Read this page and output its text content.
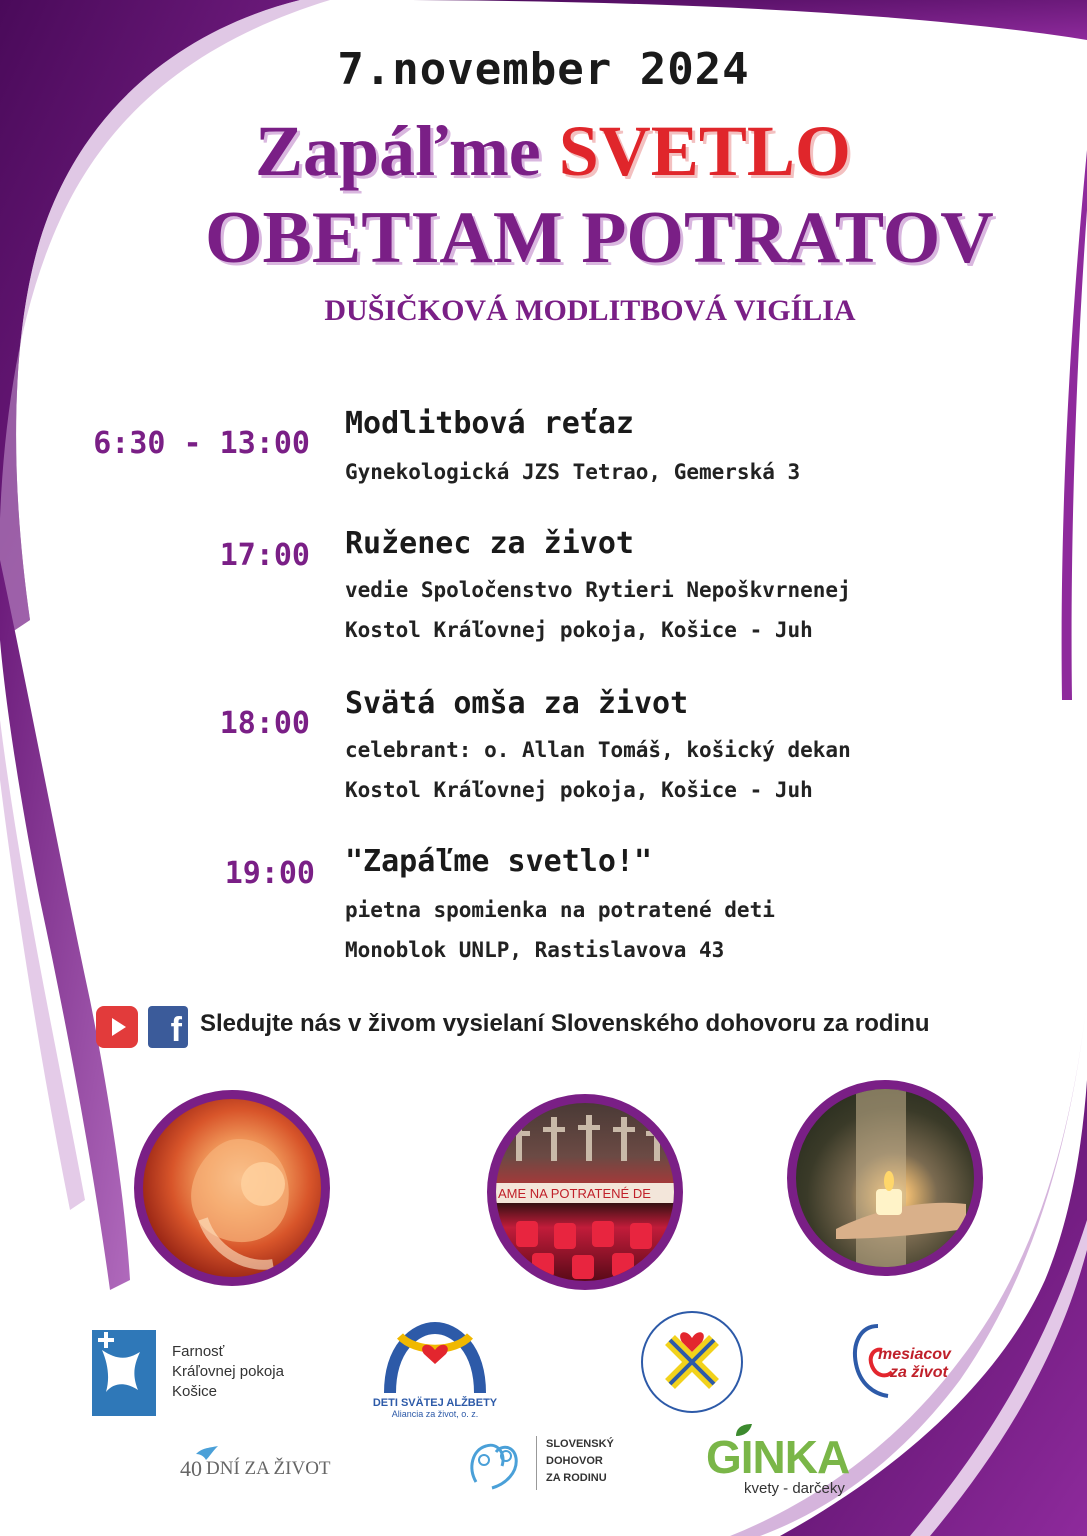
7.november 2024
Zapáľme SVETLO
OBETIAM POTRATOV
DUŠIČKOVÁ MODLITBOVÁ VIGÍLIA
6:30 - 13:00
Modlitbová reťaz
Gynekologická JZS Tetrao, Gemerská 3
17:00 Ruženec za život
vedie Spoločenstvo Rytieri Nepoškvrnenej
Kostol Kráľovnej pokoja, Košice - Juh
18:00
Svätá omša za život
celebrant: o. Allan Tomáš, košický dekan
Kostol Kráľovnej pokoja, Košice - Juh
19:00 "Zapáľme svetlo!"
pietna spomienka na potratené deti
Monoblok UNLP, Rastislavova 43
f Sledujte nás v živom vysielaní Slovenského dohovoru za rodinu
AME NA POTRATENÉ DE
Farnosť
Kráľovnej pokoja
Košice
DETI SVÄTEJ ALŽBETY
Aliancia za život, o. z.
mesiacov
za život
40 DNÍ ZA ŽIVOT
SLOVENSKÝ
DOHOVOR
ZA RODINU GINKA
kvety - darčeky
